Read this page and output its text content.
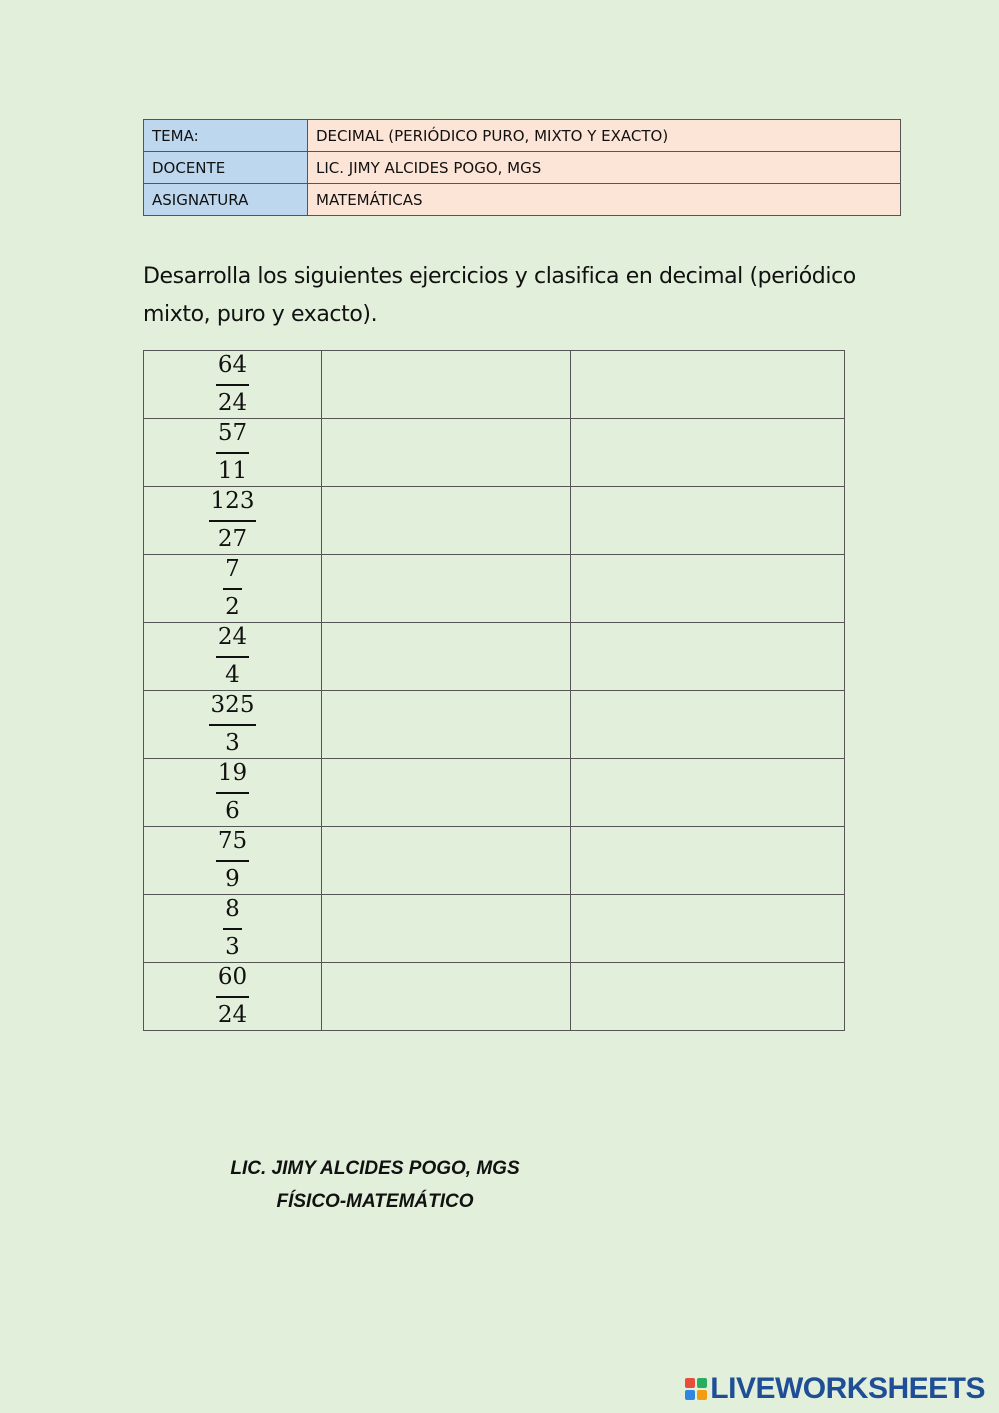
TEMA:	DECIMAL (PERIÓDICO PURO, MIXTO Y EXACTO)
DOCENTE	LIC. JIMY ALCIDES POGO, MGS
ASIGNATURA	MATEMÁTICAS

Desarrolla los siguientes ejercicios y clasifica en decimal (periódico
mixto, puro y exacto).

64
24		

57
11		

123
27		

7
2		

24
4		

325
3		

19
6		

75
9		

8
3		

60
24		

LIC. JIMY ALCIDES POGO, MGS
FÍSICO-MATEMÁTICO
LIVEWORKSHEETS
